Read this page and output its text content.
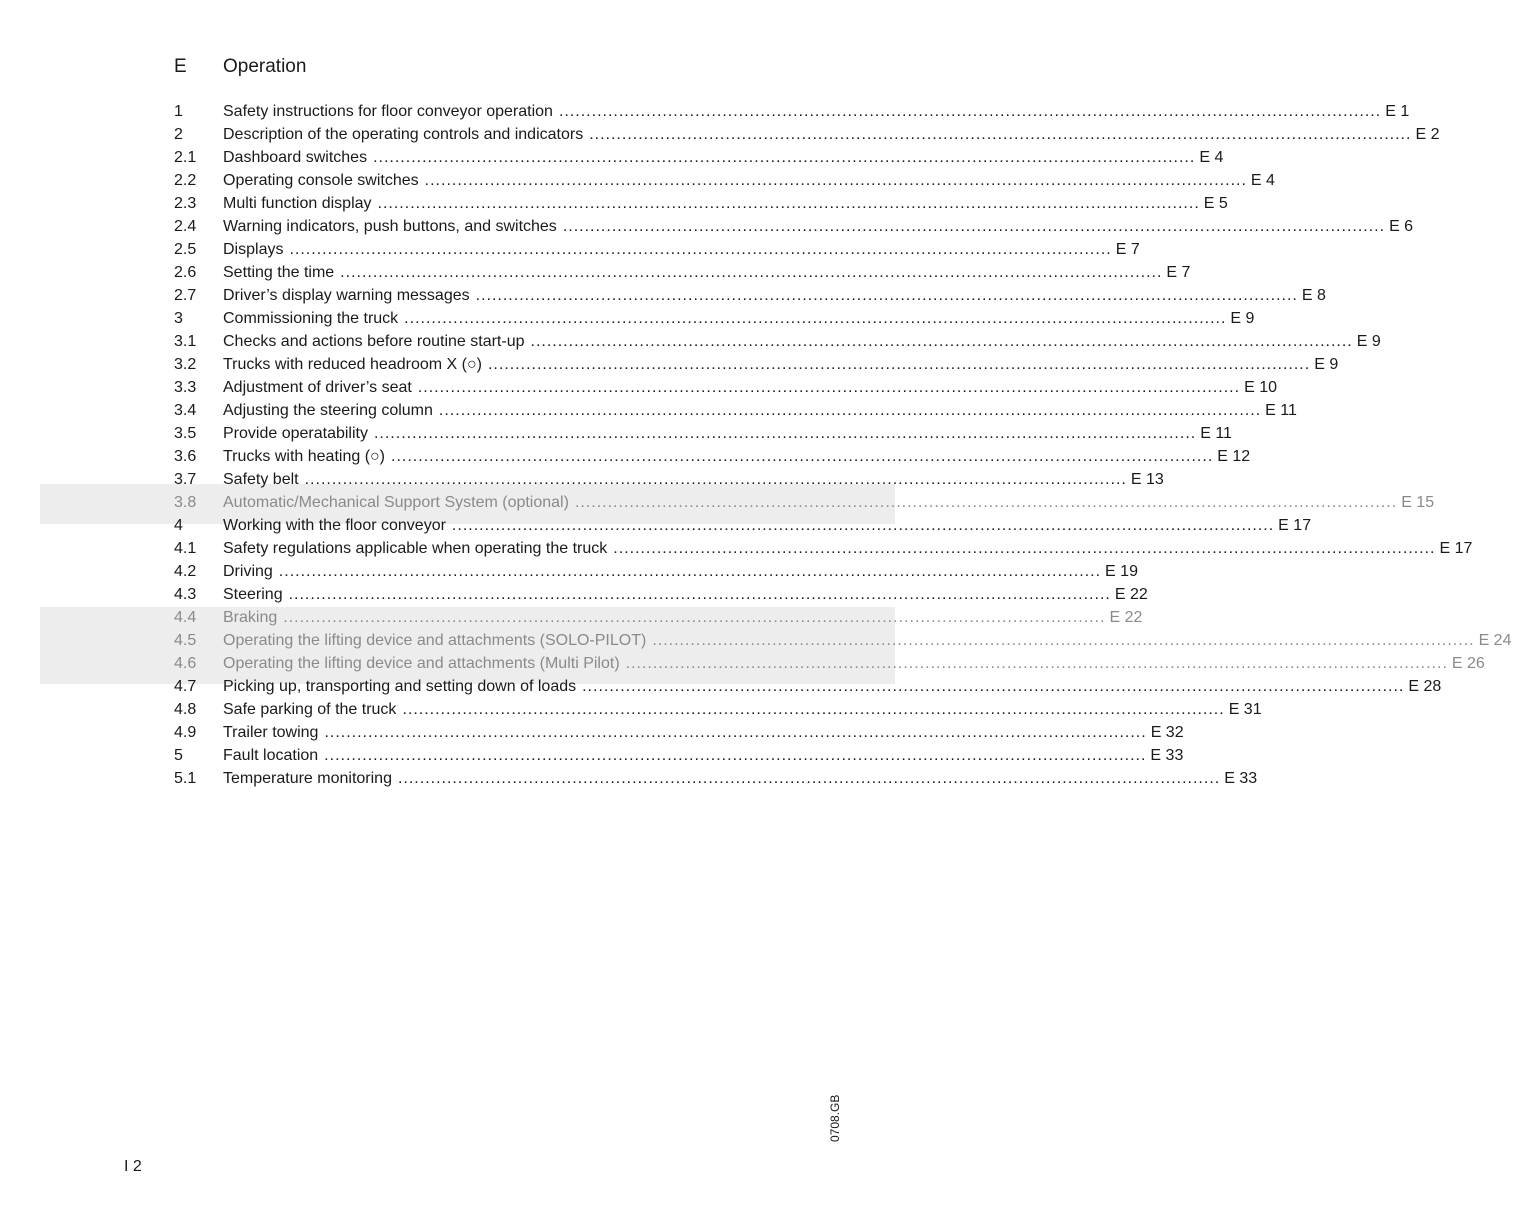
E Operation
1	Safety instructions for floor conveyor operation ....................................................................................................................................................... E 1
2	Description of the operating controls and indicators ....................................................................................................................................................... E 2
2.1	Dashboard switches ....................................................................................................................................................... E 4
2.2	Operating console switches ....................................................................................................................................................... E 4
2.3	Multi function display ....................................................................................................................................................... E 5
2.4	Warning indicators, push buttons, and switches ....................................................................................................................................................... E 6
2.5	Displays ....................................................................................................................................................... E 7
2.6	Setting the time ....................................................................................................................................................... E 7
2.7	Driver’s display warning messages ....................................................................................................................................................... E 8
3	Commissioning the truck ....................................................................................................................................................... E 9
3.1	Checks and actions before routine start-up ....................................................................................................................................................... E 9
3.2	Trucks with reduced headroom X (○) ....................................................................................................................................................... E 9
3.3	Adjustment of driver’s seat ....................................................................................................................................................... E 10
3.4	Adjusting the steering column ....................................................................................................................................................... E 11
3.5	Provide operatability ....................................................................................................................................................... E 11
3.6	Trucks with heating (○) ....................................................................................................................................................... E 12
3.7	Safety belt ....................................................................................................................................................... E 13
3.8	Automatic/Mechanical Support System (optional) ....................................................................................................................................................... E 15
4	Working with the floor conveyor ....................................................................................................................................................... E 17
4.1	Safety regulations applicable when operating the truck ....................................................................................................................................................... E 17
4.2	Driving ....................................................................................................................................................... E 19
4.3	Steering ....................................................................................................................................................... E 22
4.4	Braking ....................................................................................................................................................... E 22
4.5	Operating the lifting device and attachments (SOLO-PILOT) ....................................................................................................................................................... E 24
4.6	Operating the lifting device and attachments (Multi Pilot) ....................................................................................................................................................... E 26
4.7	Picking up, transporting and setting down of loads ....................................................................................................................................................... E 28
4.8	Safe parking of the truck ....................................................................................................................................................... E 31
4.9	Trailer towing ....................................................................................................................................................... E 32
5	Fault location ....................................................................................................................................................... E 33
5.1	Temperature monitoring ....................................................................................................................................................... E 33
0708.GB
I 2
